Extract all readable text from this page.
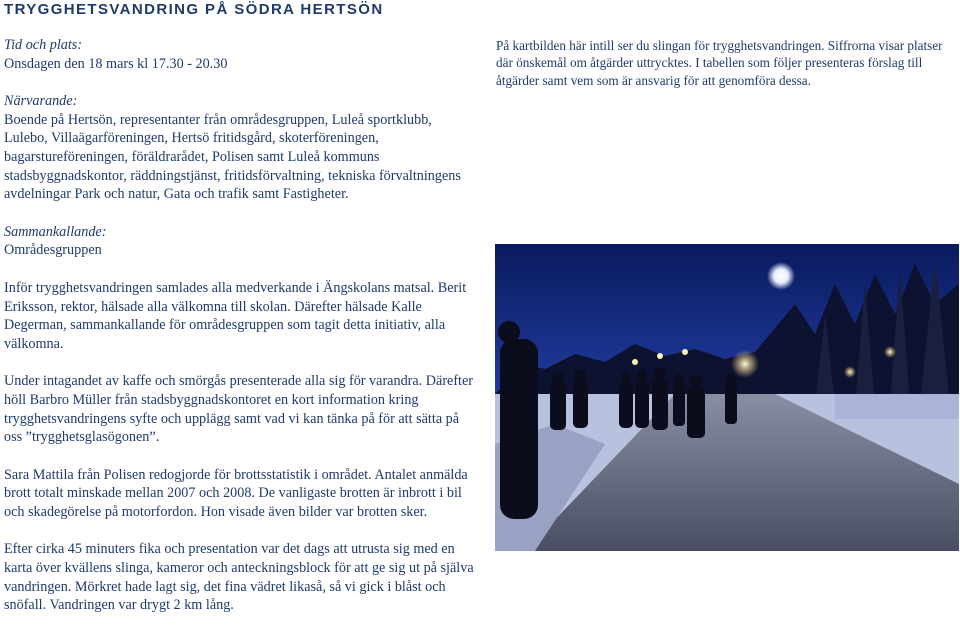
TRYGGHETSVANDRING PÅ SÖDRA HERTSÖN
Tid och plats:

Onsdagen den 18 mars kl 17.30 - 20.30

Närvarande:

Boende på Hertsön, representanter från områdesgruppen, Luleå sportklubb, Lulebo, Villaägarföreningen, Hertsö fritidsgård, skoterföreningen, bagarstureföreningen, föräldrarådet, Polisen samt Luleå kommuns stadsbyggnadskontor, räddningstjänst, fritidsförvaltning, tekniska förvaltningens avdelningar Park och natur, Gata och trafik samt Fastigheter.

Sammankallande:

Områdesgruppen

Inför trygghetsvandringen samlades alla medverkande i Ängskolans matsal. Berit Eriksson, rektor, hälsade alla välkomna till skolan. Därefter hälsade Kalle Degerman, sammankallande för områdesgruppen som tagit detta initiativ, alla välkomna.

Under intagandet av kaffe och smörgås presenterade alla sig för varandra. Därefter höll Barbro Müller från stadsbyggnadskontoret en kort information kring trygghetsvandringens syfte och upplägg samt vad vi kan tänka på för att sätta på oss ”trygghetsglasögonen”.

Sara Mattila från Polisen redogjorde för brottsstatistik i området. Antalet anmälda brott totalt minskade mellan 2007 och 2008. De vanligaste brotten är inbrott i bil och skadegörelse på motorfordon. Hon visade även bilder var brotten sker.

Efter cirka 45 minuters fika och presentation var det dags att utrusta sig med en karta över kvällens slinga, kameror och anteckningsblock för att ge sig ut på själva vandringen. Mörkret hade lagt sig, det fina vädret likaså, så vi gick i blåst och snöfall. Vandringen var drygt 2 km lång.

På kartbilden här intill ser du slingan för trygghetsvandringen. Siffrorna visar platser där önskemål om åtgärder uttrycktes. I tabellen som följer presenteras förslag till åtgärder samt vem som är ansvarig för att genomföra dessa.
